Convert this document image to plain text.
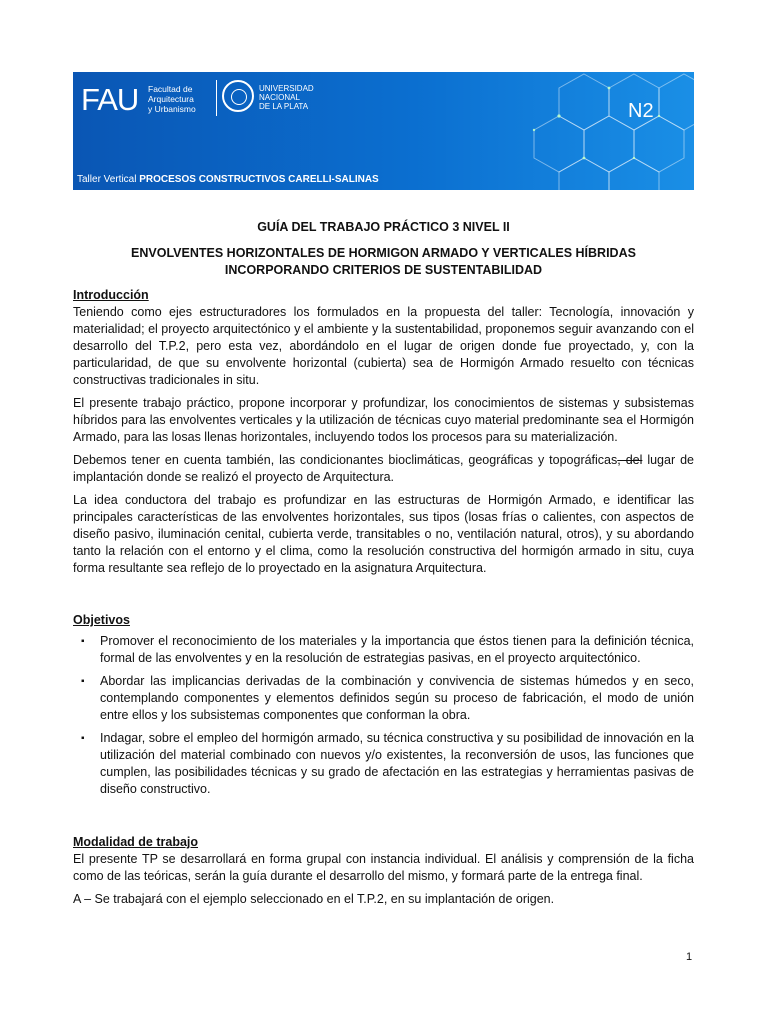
FAU Facultad de
Arquitectura
y Urbanismo
UNIVERSIDAD
NACIONAL
DE LA PLATA	N2
Taller Vertical PROCESOS CONSTRUCTIVOS CARELLI-SALINAS
GUÍA DEL TRABAJO PRÁCTICO 3 NIVEL II
ENVOLVENTES HORIZONTALES DE HORMIGON ARMADO Y VERTICALES HÍBRIDAS
INCORPORANDO CRITERIOS DE SUSTENTABILIDAD
Introducción

Teniendo como ejes estructuradores los formulados en la propuesta del taller: Tecnología, innovación y materialidad; el proyecto arquitectónico y el ambiente y la sustentabilidad, proponemos seguir avanzando con el desarrollo del T.P.2, pero esta vez, abordándolo en el lugar de origen donde fue proyectado, y, con la particularidad, de que su envolvente horizontal (cubierta) sea de Hormigón Armado resuelto con técnicas constructivas tradicionales in situ.

El presente trabajo práctico, propone incorporar y profundizar, los conocimientos de sistemas y subsistemas híbridos para las envolventes verticales y la utilización de técnicas cuyo material predominante sea el Hormigón Armado, para las losas llenas horizontales, incluyendo todos los procesos para su materialización.

Debemos tener en cuenta también, las condicionantes bioclimáticas, geográficas y topográficas, del lugar de implantación donde se realizó el proyecto de Arquitectura.

La idea conductora del trabajo es profundizar en las estructuras de Hormigón Armado, e identificar las principales características de las envolventes horizontales, sus tipos (losas frías o calientes, con aspectos de diseño pasivo, iluminación cenital, cubierta verde, transitables o no, ventilación natural, otros), y su abordando tanto la relación con el entorno y el clima, como la resolución constructiva del hormigón armado in situ, cuya forma resultante sea reflejo de lo proyectado en la asignatura Arquitectura.

Objetivos
▪ Promover el reconocimiento de los materiales y la importancia que éstos tienen para la definición técnica, formal de las envolventes y en la resolución de estrategias pasivas, en el proyecto arquitectónico.
▪ Abordar las implicancias derivadas de la combinación y convivencia de sistemas húmedos y en seco, contemplando componentes y elementos definidos según su proceso de fabricación, el modo de unión entre ellos y los subsistemas componentes que conforman la obra.
▪ Indagar, sobre el empleo del hormigón armado, su técnica constructiva y su posibilidad de innovación en la utilización del material combinado con nuevos y/o existentes, la reconversión de usos, las funciones que cumplen, las posibilidades técnicas y su grado de afectación en las estrategias y herramientas pasivas de diseño constructivo.
Modalidad de trabajo

El presente TP se desarrollará en forma grupal con instancia individual. El análisis y comprensión de la ficha como de las teóricas, serán la guía durante el desarrollo del mismo, y formará parte de la entrega final.

A – Se trabajará con el ejemplo seleccionado en el T.P.2, en su implantación de origen.

1
